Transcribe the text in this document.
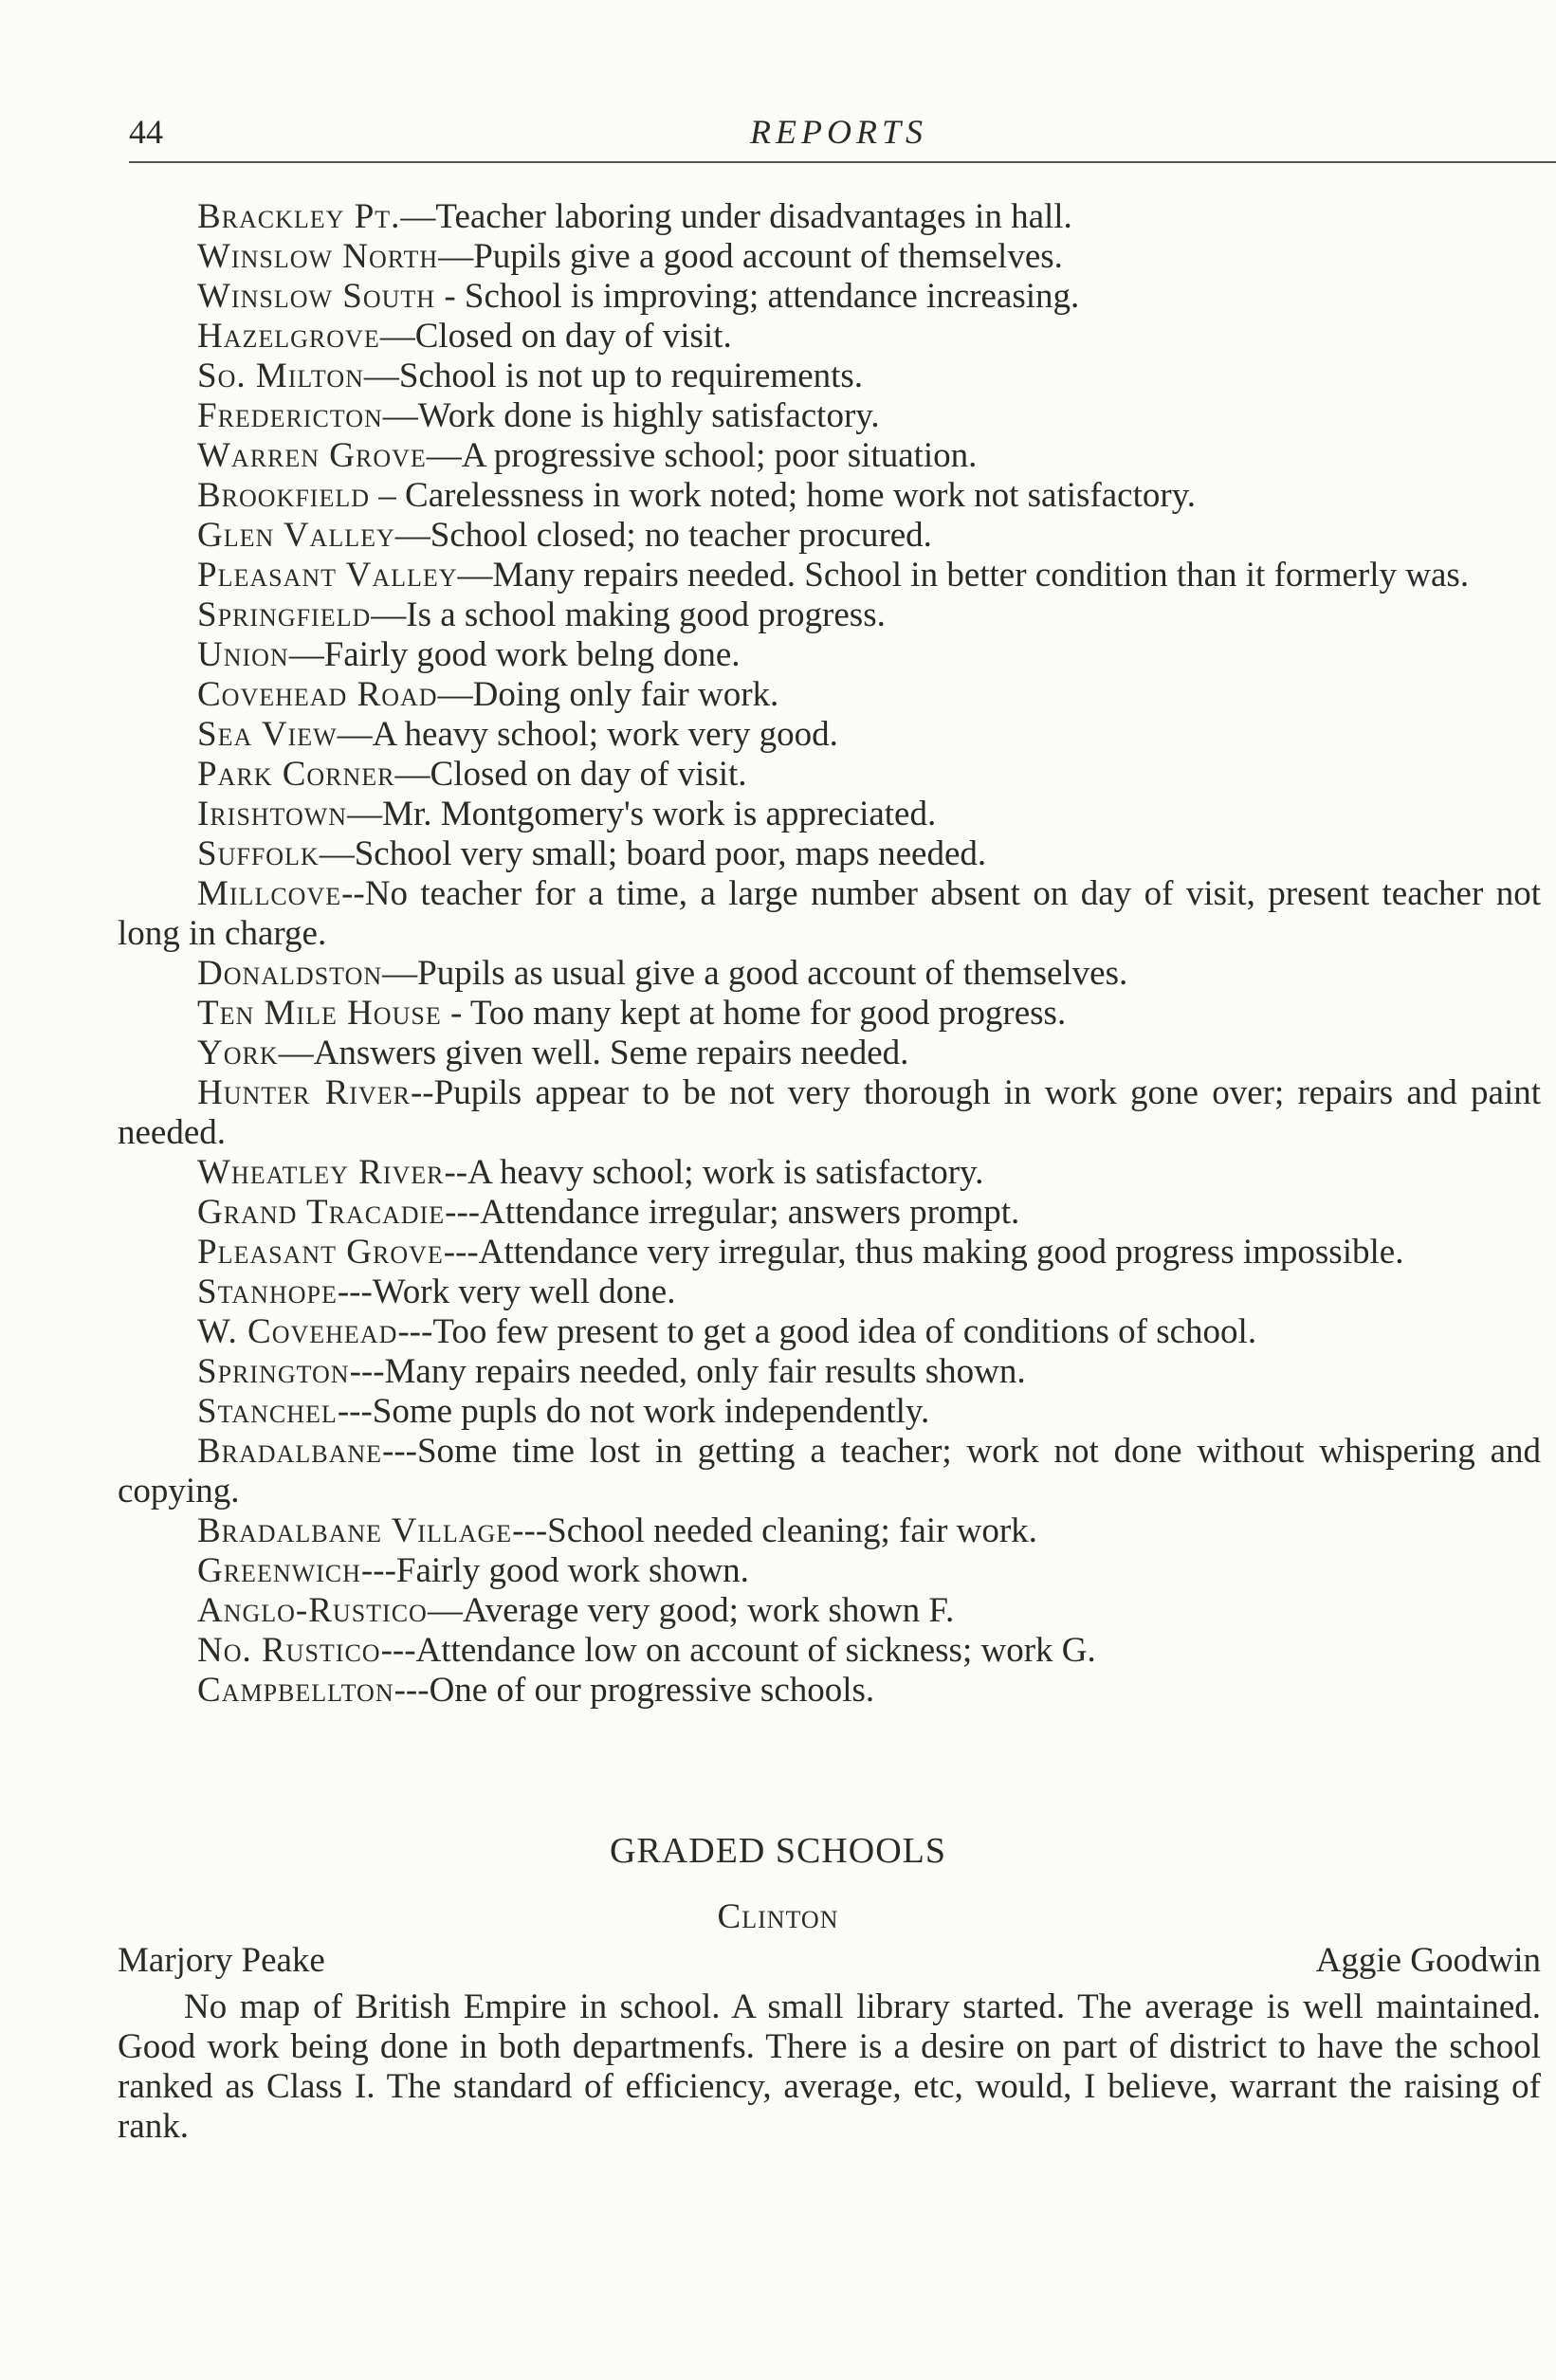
44	REPORTS

Brackley Pt.—Teacher laboring under disadvantages in hall.

Winslow North—Pupils give a good account of themselves.

Winslow South - School is improving; attendance increasing.

Hazelgrove—Closed on day of visit.

So. Milton—School is not up to requirements.

Fredericton—Work done is highly satisfactory.

Warren Grove—A progressive school; poor situation.

Brookfield – Carelessness in work noted; home work not satisfactory.

Glen Valley—School closed; no teacher procured.

Pleasant Valley—Many repairs needed. School in better condition than it formerly was.

Springfield—Is a school making good progress.

Union—Fairly good work belng done.

Covehead Road—Doing only fair work.

Sea View—A heavy school; work very good.

Park Corner—Closed on day of visit.

Irishtown—Mr. Montgomery's work is appreciated.

Suffolk—School very small; board poor, maps needed.

Millcove--No teacher for a time, a large number absent on day of visit, present teacher not long in charge.

Donaldston—Pupils as usual give a good account of themselves.

Ten Mile House - Too many kept at home for good progress.

York—Answers given well. Seme repairs needed.

Hunter River--Pupils appear to be not very thorough in work gone over; repairs and paint needed.

Wheatley River--A heavy school; work is satisfactory.

Grand Tracadie---Attendance irregular; answers prompt.

Pleasant Grove---Attendance very irregular, thus making good progress impossible.

Stanhope---Work very well done.

W. Covehead---Too few present to get a good idea of conditions of school.

Springton---Many repairs needed, only fair results shown.

Stanchel---Some pupls do not work independently.

Bradalbane---Some time lost in getting a teacher; work not done without whispering and copying.

Bradalbane Village---School needed cleaning; fair work.

Greenwich---Fairly good work shown.

Anglo-Rustico—Average very good; work shown F.

No. Rustico---Attendance low on account of sickness; work G.

Campbellton---One of our progressive schools.

GRADED SCHOOLS
Clinton
Marjory Peake	Aggie Goodwin

No map of British Empire in school. A small library started. The average is well maintained. Good work being done in both departmenfs. There is a desire on part of district to have the school ranked as Class I. The standard of efficiency, average, etc, would, I believe, warrant the raising of rank.
